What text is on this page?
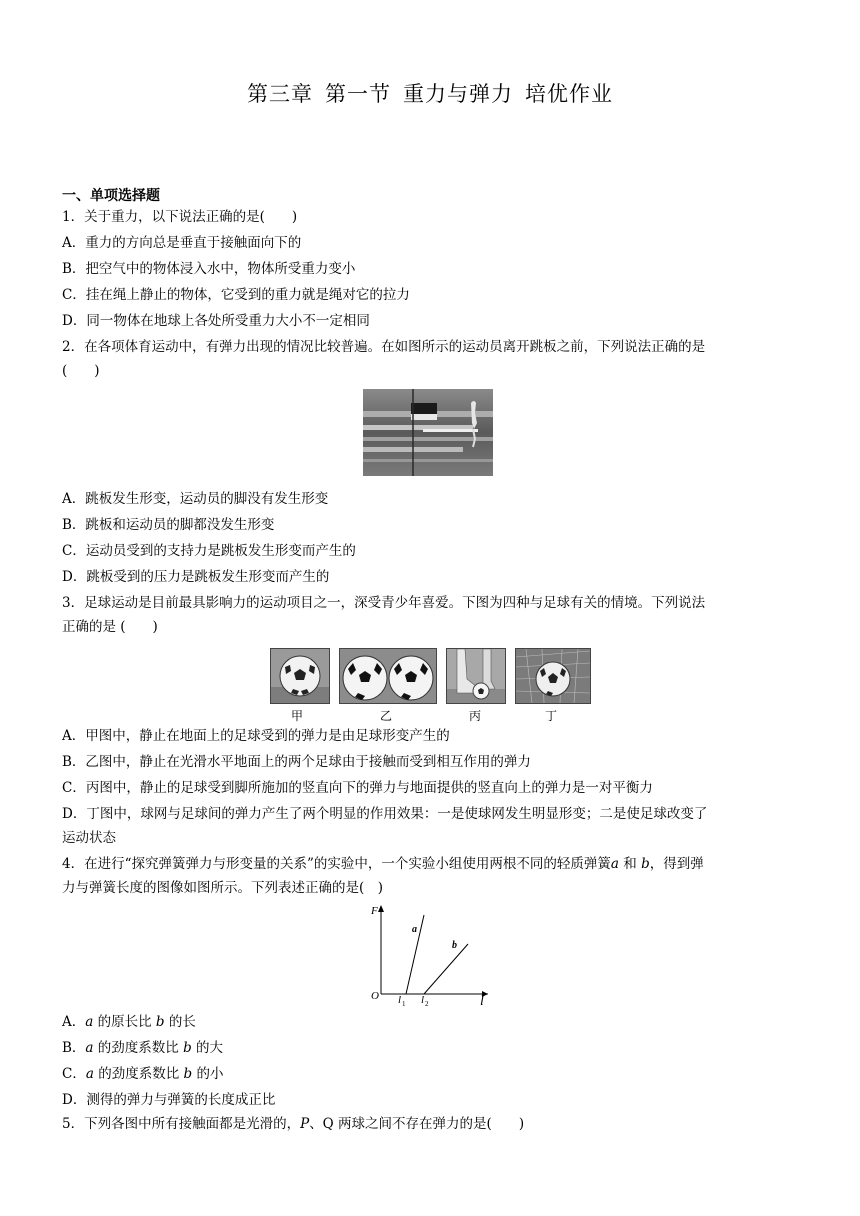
第三章 第一节 重力与弹力 培优作业
一、单项选择题
1．关于重力，以下说法正确的是(　　)
A．重力的方向总是垂直于接触面向下的
B．把空气中的物体浸入水中，物体所受重力变小
C．挂在绳上静止的物体，它受到的重力就是绳对它的拉力
D．同一物体在地球上各处所受重力大小不一定相同
2．在各项体育运动中，有弹力出现的情况比较普遍。在如图所示的运动员离开跳板之前，下列说法正确的是
(　　)
A．跳板发生形变，运动员的脚没有发生形变
B．跳板和运动员的脚都没发生形变
C．运动员受到的支持力是跳板发生形变而产生的
D．跳板受到的压力是跳板发生形变而产生的
3．足球运动是目前最具影响力的运动项目之一，深受青少年喜爱。下图为四种与足球有关的情境。下列说法
正确的是 (　　)
甲	乙	丙	丁
A．甲图中，静止在地面上的足球受到的弹力是由足球形变产生的
B．乙图中，静止在光滑水平地面上的两个足球由于接触而受到相互作用的弹力
C．丙图中，静止的足球受到脚所施加的竖直向下的弹力与地面提供的竖直向上的弹力是一对平衡力
D．丁图中，球网与足球间的弹力产生了两个明显的作用效果：一是使球网发生明显形变；二是使足球改变了
运动状态
4．在进行“探究弹簧弹力与形变量的关系”的实验中，一个实验小组使用两根不同的轻质弹簧a 和 b，得到弹
力与弹簧长度的图像如图所示。下列表述正确的是(　)
F
O
a
b
l 1 l 2	l
A．a 的原长比 b 的长
B．a 的劲度系数比 b 的大
C．a 的劲度系数比 b 的小
D．测得的弹力与弹簧的长度成正比
5．下列各图中所有接触面都是光滑的，P、Q 两球之间不存在弹力的是(　　)
